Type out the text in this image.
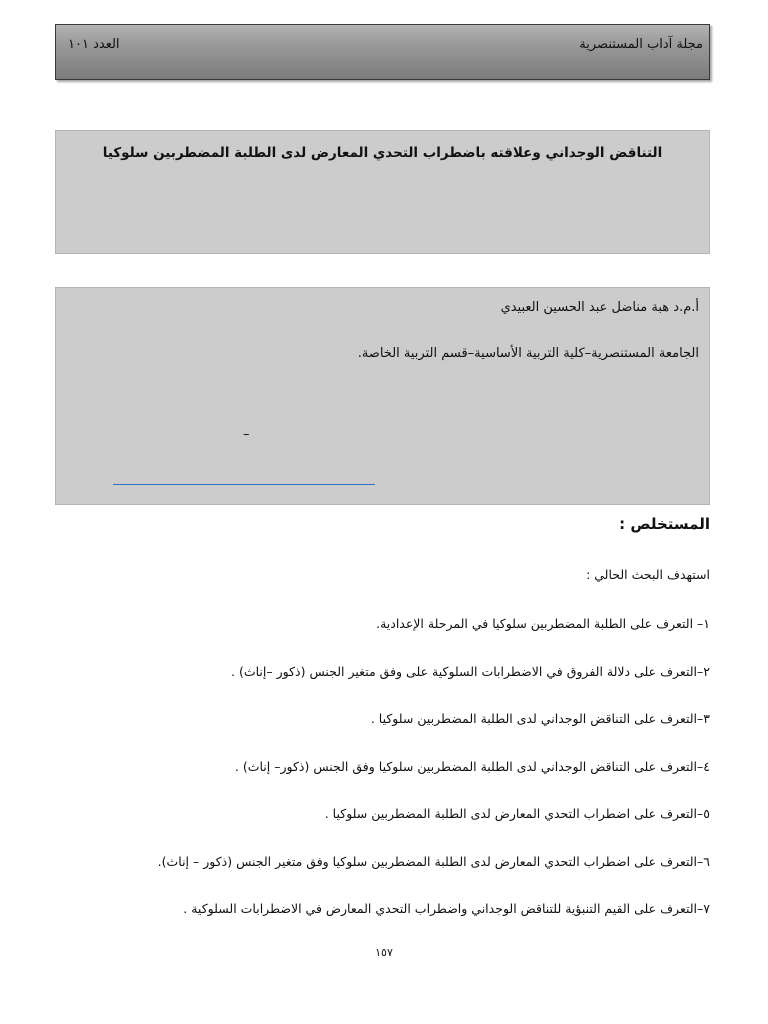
مجلة آداب المستنصرية
العدد ١٠١
التناقض الوجداني وعلاقته باضطراب التحدي المعارض لدى الطلبة المضطربين سلوكيا
أ.م.د هبة مناضل عبد الحسين العبيدي
الجامعة المستنصرية–كلية التربية الأساسية–قسم التربية الخاصة.
–
المستخلص :
استهدف البحث الحالي :
١– التعرف على الطلبة المضطربين سلوكيا في المرحلة الإعدادية.
٢–التعرف على دلالة الفروق في الاضطرابات السلوكية على وفق متغير الجنس (ذكور –إناث) .
٣–التعرف على التناقض الوجداني لدى الطلبة المضطربين سلوكيا .
٤–التعرف على التناقض الوجداني لدى الطلبة المضطربين سلوكيا وفق الجنس (ذكور– إناث) .
٥–التعرف على اضطراب التحدي المعارض لدى الطلبة المضطربين سلوكيا .
٦–التعرف على اضطراب التحدي المعارض لدى الطلبة المضطربين سلوكيا وفق متغير الجنس (ذكور – إناث).
٧–التعرف على القيم التنبؤية للتناقض الوجداني واضطراب التحدي المعارض في الاضطرابات السلوكية .
١٥٧
